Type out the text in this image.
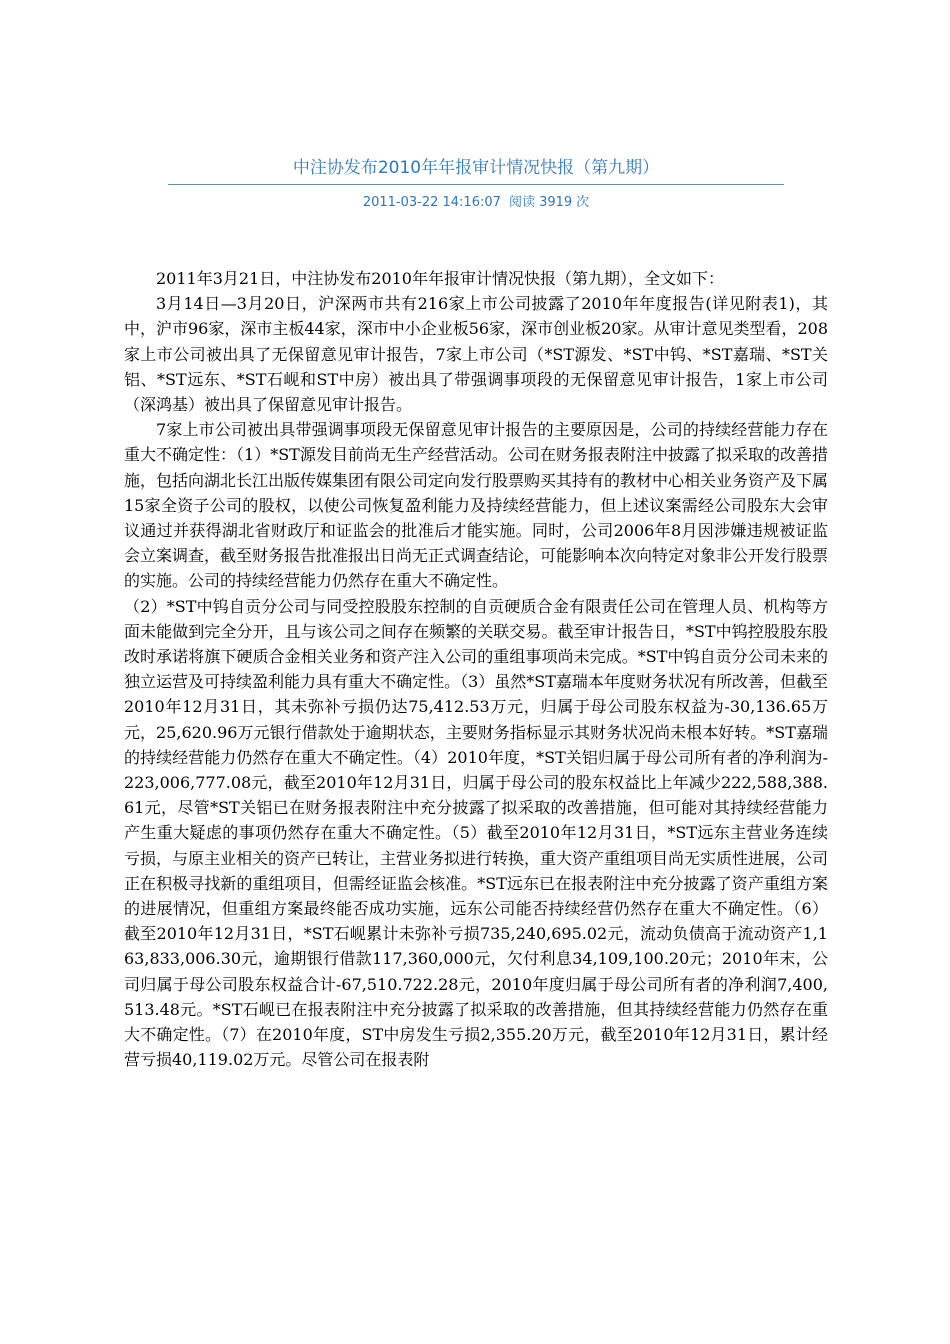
中注协发布2010年年报审计情况快报（第九期）
2011-03-22 14:16:07 阅读 3919 次

2011年3月21日，中注协发布2010年年报审计情况快报（第九期），全文如下：

3月14日—3月20日，沪深两市共有216家上市公司披露了2010年年度报告(详见附表1)，其中，沪市96家，深市主板44家，深市中小企业板56家，深市创业板20家。从审计意见类型看，208家上市公司被出具了无保留意见审计报告，7家上市公司（*ST源发、*ST中钨、*ST嘉瑞、*ST关铝、*ST远东、*ST石岘和ST中房）被出具了带强调事项段的无保留意见审计报告，1家上市公司（深鸿基）被出具了保留意见审计报告。

7家上市公司被出具带强调事项段无保留意见审计报告的主要原因是，公司的持续经营能力存在重大不确定性：（1）*ST源发目前尚无生产经营活动。公司在财务报表附注中披露了拟采取的改善措施，包括向湖北长江出版传媒集团有限公司定向发行股票购买其持有的教材中心相关业务资产及下属15家全资子公司的股权，以使公司恢复盈利能力及持续经营能力，但上述议案需经公司股东大会审议通过并获得湖北省财政厅和证监会的批准后才能实施。同时，公司2006年8月因涉嫌违规被证监会立案调查，截至财务报告批准报出日尚无正式调查结论，可能影响本次向特定对象非公开发行股票的实施。公司的持续经营能力仍然存在重大不确定性。

（2）*ST中钨自贡分公司与同受控股股东控制的自贡硬质合金有限责任公司在管理人员、机构等方面未能做到完全分开，且与该公司之间存在频繁的关联交易。截至审计报告日，*ST中钨控股股东股改时承诺将旗下硬质合金相关业务和资产注入公司的重组事项尚未完成。*ST中钨自贡分公司未来的独立运营及可持续盈利能力具有重大不确定性。（3）虽然*ST嘉瑞本年度财务状况有所改善，但截至2010年12月31日，其未弥补亏损仍达75,412.53万元，归属于母公司股东权益为-30,136.65万元，25,620.96万元银行借款处于逾期状态，主要财务指标显示其财务状况尚未根本好转。*ST嘉瑞的持续经营能力仍然存在重大不确定性。（4）2010年度，*ST关铝归属于母公司所有者的净利润为-223,006,777.08元，截至2010年12月31日，归属于母公司的股东权益比上年减少222,588,388.61元，尽管*ST关铝已在财务报表附注中充分披露了拟采取的改善措施，但可能对其持续经营能力产生重大疑虑的事项仍然存在重大不确定性。（5）截至2010年12月31日，*ST远东主营业务连续亏损，与原主业相关的资产已转让，主营业务拟进行转换，重大资产重组项目尚无实质性进展，公司正在积极寻找新的重组项目，但需经证监会核准。*ST远东已在报表附注中充分披露了资产重组方案的进展情况，但重组方案最终能否成功实施，远东公司能否持续经营仍然存在重大不确定性。（6）截至2010年12月31日，*ST石岘累计未弥补亏损735,240,695.02元，流动负债高于流动资产1,163,833,006.30元，逾期银行借款117,360,000元，欠付利息34,109,100.20元；2010年末，公司归属于母公司股东权益合计-67,510.722.28元，2010年度归属于母公司所有者的净利润7,400,513.48元。*ST石岘已在报表附注中充分披露了拟采取的改善措施，但其持续经营能力仍然存在重大不确定性。（7）在2010年度，ST中房发生亏损2,355.20万元，截至2010年12月31日，累计经营亏损40,119.02万元。尽管公司在报表附
